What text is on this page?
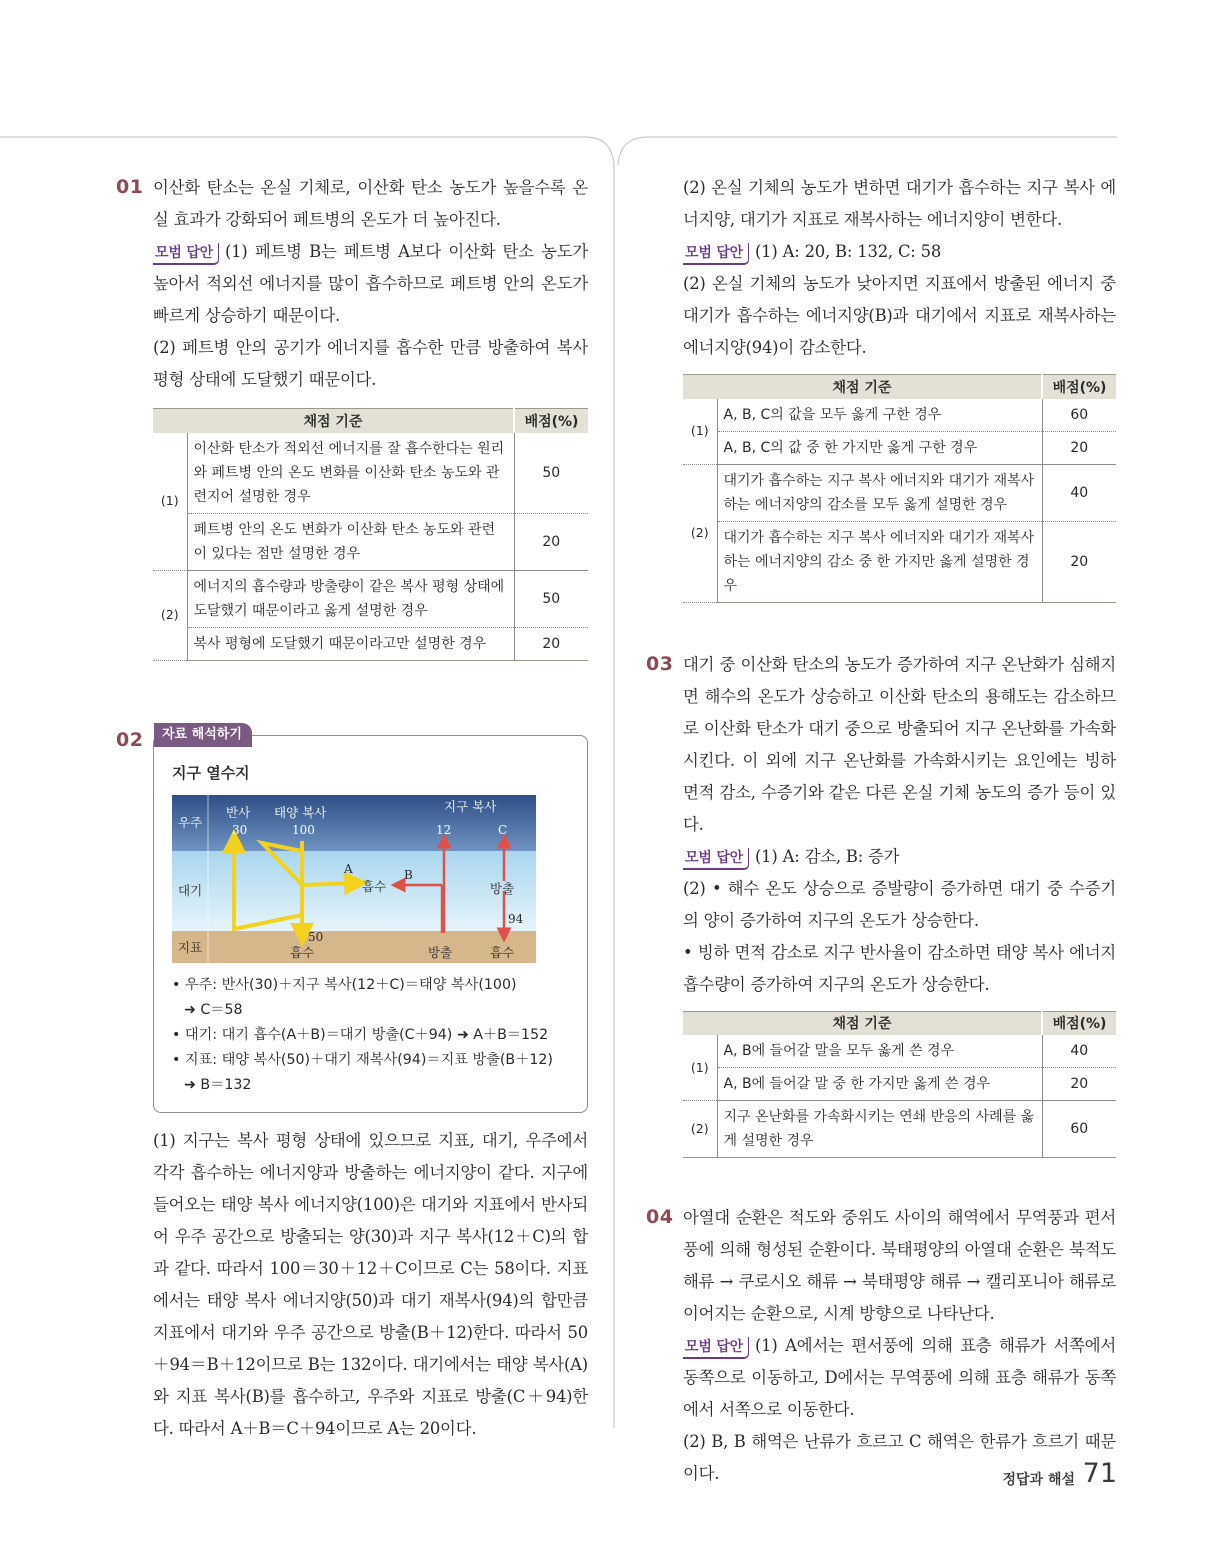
01 이산화 탄소는 온실 기체로, 이산화 탄소 농도가 높을수록 온실 효과가 강화되어 페트병의 온도가 더 높아진다.

모범 답안 (1) 페트병 B는 페트병 A보다 이산화 탄소 농도가 높아서 적외선 에너지를 많이 흡수하므로 페트병 안의 온도가 빠르게 상승하기 때문이다.

(2) 페트병 안의 공기가 에너지를 흡수한 만큼 방출하여 복사 평형 상태에 도달했기 때문이다.

채점 기준		배점(%)
(1)	이산화 탄소가 적외선 에너지를 잘 흡수한다는 원리와 페트병 안의 온도 변화를 이산화 탄소 농도와 관련지어 설명한 경우	50
	페트병 안의 온도 변화가 이산화 탄소 농도와 관련이 있다는 점만 설명한 경우	20
(2)	에너지의 흡수량과 방출량이 같은 복사 평형 상태에 도달했기 때문이라고 옳게 설명한 경우	50
	복사 평형에 도달했기 때문이라고만 설명한 경우	20
02	자료 해석하기
지구 열수지
우주
대기
지표
반사 태양 복사	지구 복사
흡수	방출
흡수	방출	흡수
30	100	12	C
A	B
50
94
• 우주: 반사(30)＋지구 복사(12＋C)＝태양 복사(100)
➜ C＝58
• 대기: 대기 흡수(A＋B)＝대기 방출(C＋94) ➜ A＋B＝152
• 지표: 태양 복사(50)＋대기 재복사(94)＝지표 방출(B＋12)
➜ B＝132

(1) 지구는 복사 평형 상태에 있으므로 지표, 대기, 우주에서 각각 흡수하는 에너지양과 방출하는 에너지양이 같다. 지구에 들어오는 태양 복사 에너지양(100)은 대기와 지표에서 반사되어 우주 공간으로 방출되는 양(30)과 지구 복사(12＋C)의 합과 같다. 따라서 100＝30＋12＋C이므로 C는 58이다. 지표에서는 태양 복사 에너지양(50)과 대기 재복사(94)의 합만큼 지표에서 대기와 우주 공간으로 방출(B＋12)한다. 따라서 50＋94＝B＋12이므로 B는 132이다. 대기에서는 태양 복사(A)와 지표 복사(B)를 흡수하고, 우주와 지표로 방출(C＋94)한다. 따라서 A＋B＝C＋94이므로 A는 20이다.

(2) 온실 기체의 농도가 변하면 대기가 흡수하는 지구 복사 에너지양, 대기가 지표로 재복사하는 에너지양이 변한다.

모범 답안 (1) A: 20, B: 132, C: 58

(2) 온실 기체의 농도가 낮아지면 지표에서 방출된 에너지 중 대기가 흡수하는 에너지양(B)과 대기에서 지표로 재복사하는 에너지양(94)이 감소한다.

채점 기준		배점(%)
(1)	A, B, C의 값을 모두 옳게 구한 경우	60
	A, B, C의 값 중 한 가지만 옳게 구한 경우	20
(2)	대기가 흡수하는 지구 복사 에너지와 대기가 재복사하는 에너지양의 감소를 모두 옳게 설명한 경우	40
	대기가 흡수하는 지구 복사 에너지와 대기가 재복사하는 에너지양의 감소 중 한 가지만 옳게 설명한 경우	20
03 대기 중 이산화 탄소의 농도가 증가하여 지구 온난화가 심해지면 해수의 온도가 상승하고 이산화 탄소의 용해도는 감소하므로 이산화 탄소가 대기 중으로 방출되어 지구 온난화를 가속화시킨다. 이 외에 지구 온난화를 가속화시키는 요인에는 빙하 면적 감소, 수증기와 같은 다른 온실 기체 농도의 증가 등이 있다.

모범 답안 (1) A: 감소, B: 증가

(2) • 해수 온도 상승으로 증발량이 증가하면 대기 중 수증기의 양이 증가하여 지구의 온도가 상승한다.

• 빙하 면적 감소로 지구 반사율이 감소하면 태양 복사 에너지 흡수량이 증가하여 지구의 온도가 상승한다.

채점 기준		배점(%)
(1)	A, B에 들어갈 말을 모두 옳게 쓴 경우	40
	A, B에 들어갈 말 중 한 가지만 옳게 쓴 경우	20
(2)	지구 온난화를 가속화시키는 연쇄 반응의 사례를 옳게 설명한 경우	60
04 아열대 순환은 적도와 중위도 사이의 해역에서 무역풍과 편서풍에 의해 형성된 순환이다. 북태평양의 아열대 순환은 북적도 해류 → 쿠로시오 해류 → 북태평양 해류 → 캘리포니아 해류로 이어지는 순환으로, 시계 방향으로 나타난다.

모범 답안 (1) A에서는 편서풍에 의해 표층 해류가 서쪽에서 동쪽으로 이동하고, D에서는 무역풍에 의해 표층 해류가 동쪽에서 서쪽으로 이동한다.

(2) B, B 해역은 난류가 흐르고 C 해역은 한류가 흐르기 때문이다.	정답과 해설 71
